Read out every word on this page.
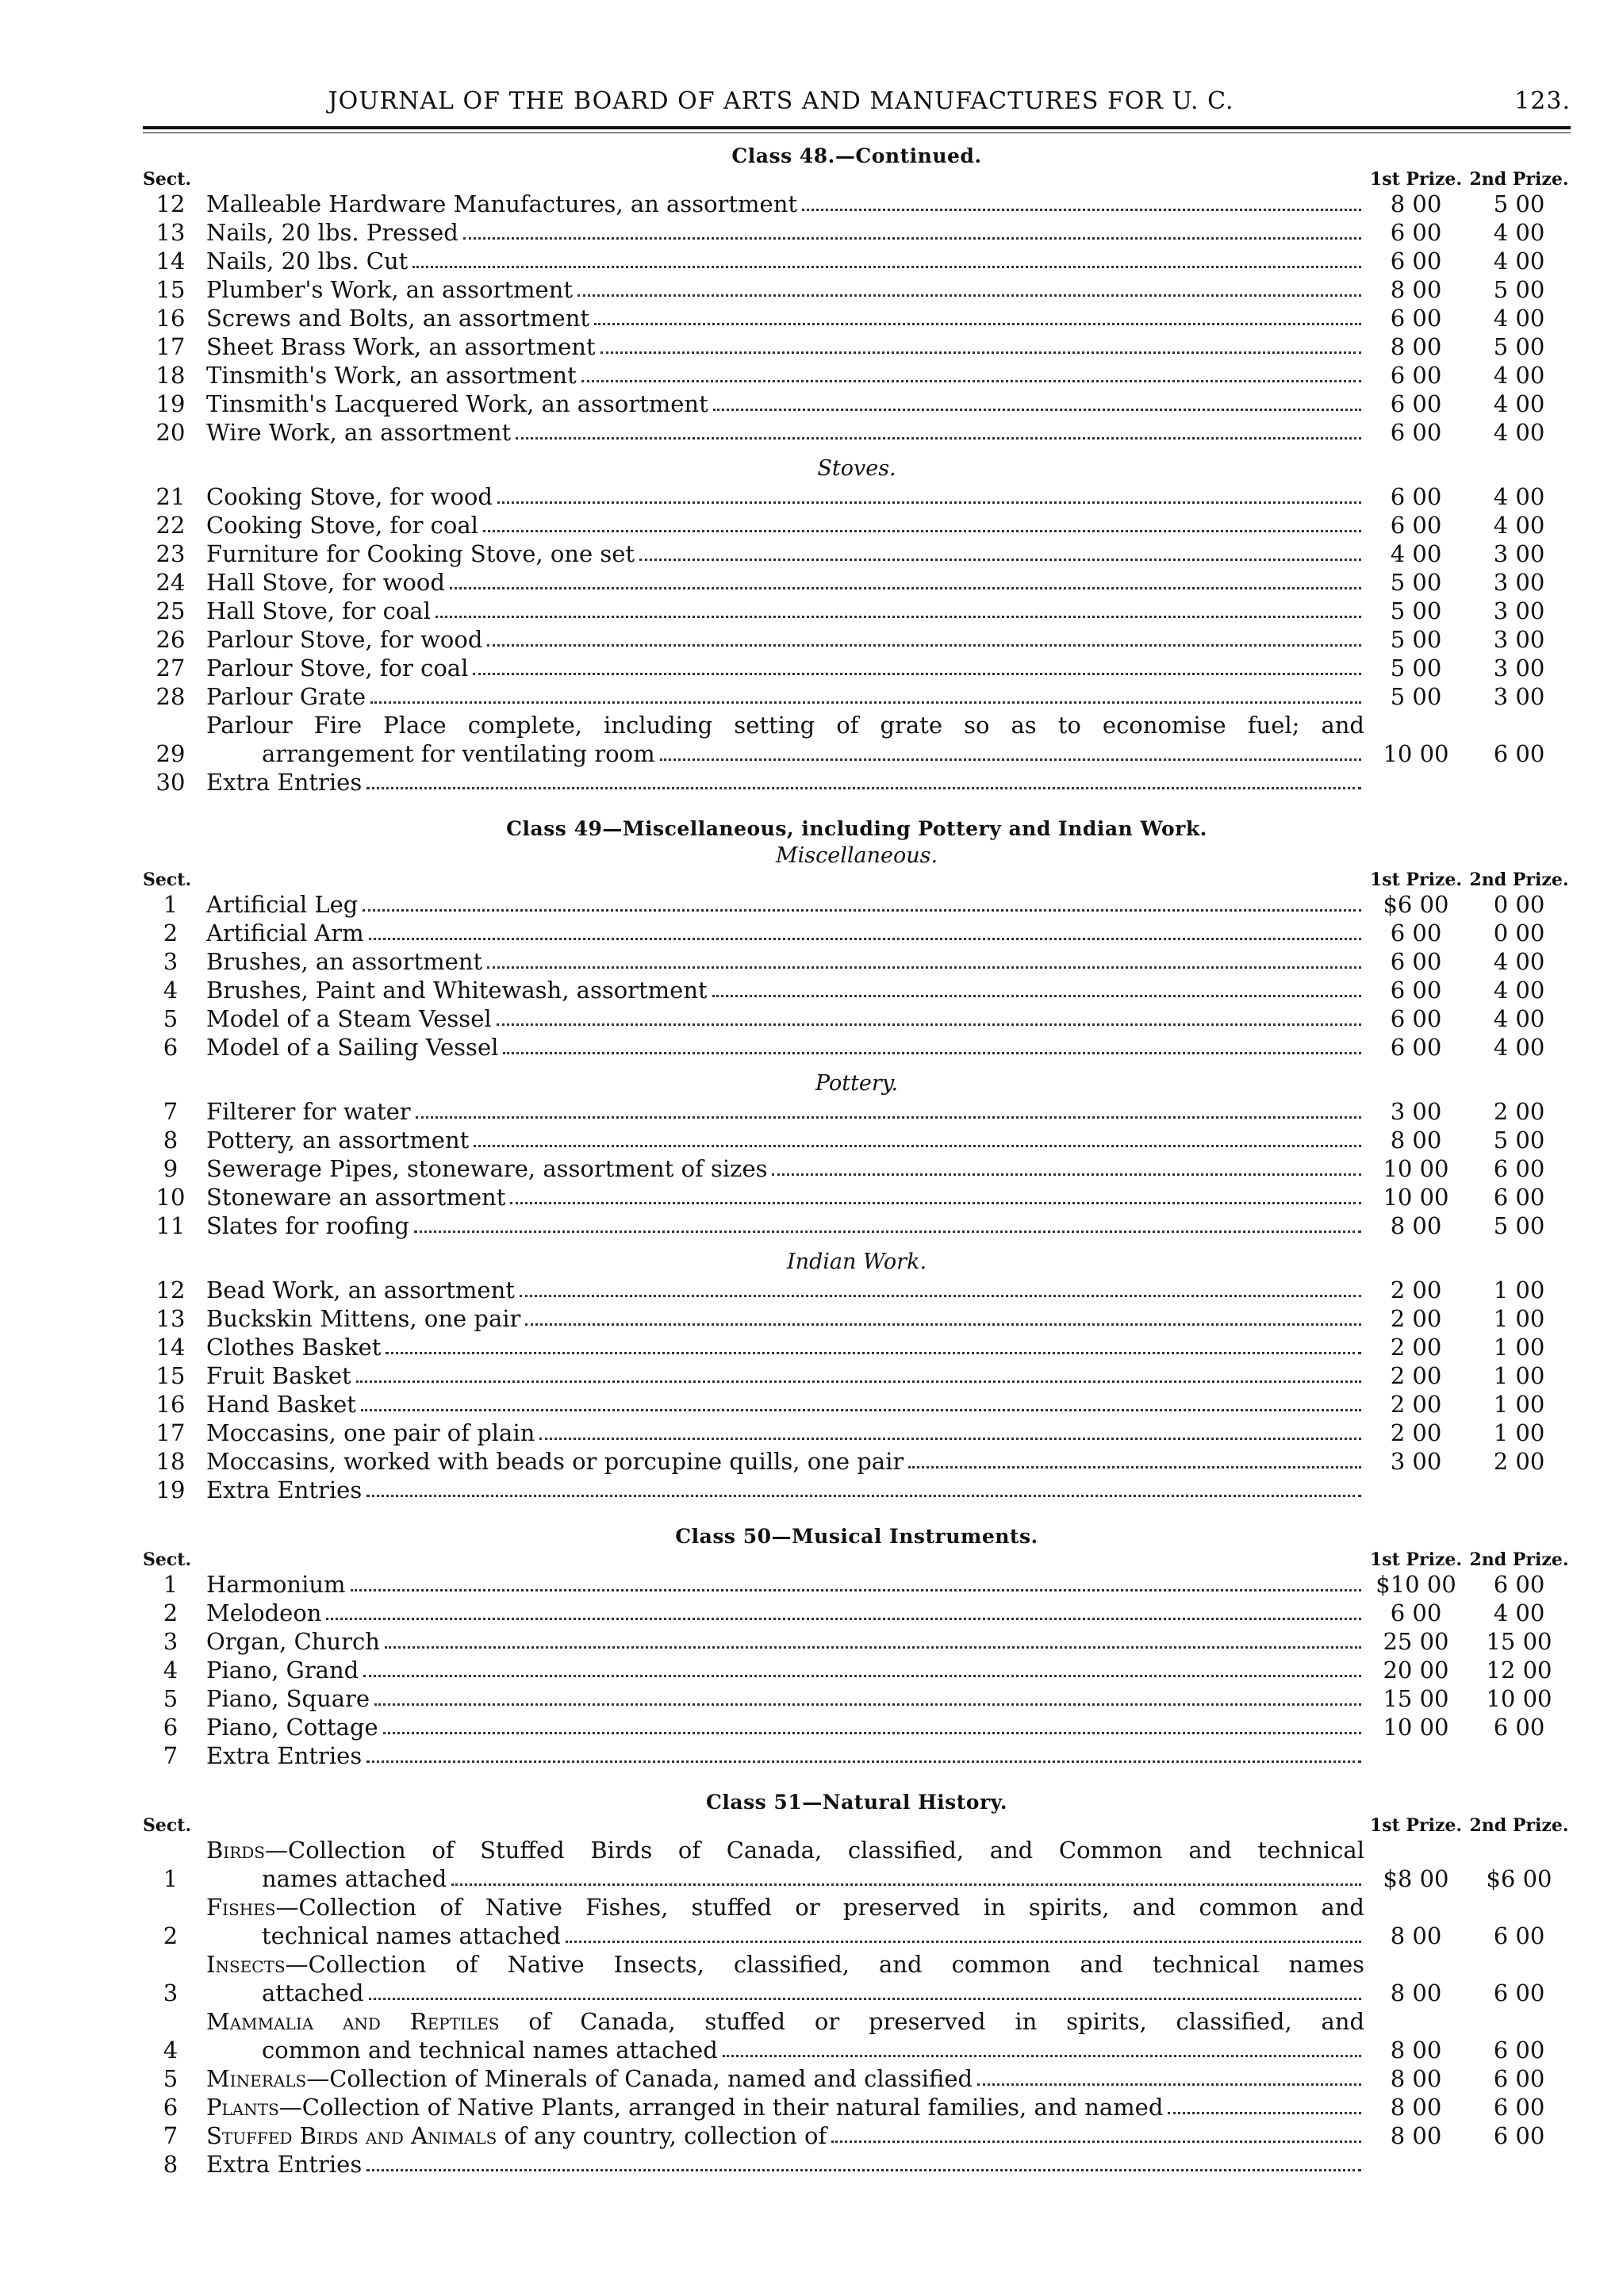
JOURNAL OF THE BOARD OF ARTS AND MANUFACTURES FOR U. C.	123.
Class 48.—Continued.
Sect.	1st Prize. 2nd Prize.
12 Malleable Hardware Manufactures, an assortment	8 00	5 00
13 Nails, 20 lbs. Pressed	6 00	4 00
14 Nails, 20 lbs. Cut	6 00	4 00
15 Plumber's Work, an assortment	8 00	5 00
16 Screws and Bolts, an assortment	6 00	4 00
17 Sheet Brass Work, an assortment	8 00	5 00
18 Tinsmith's Work, an assortment	6 00	4 00
19 Tinsmith's Lacquered Work, an assortment	6 00	4 00
20 Wire Work, an assortment	6 00	4 00
Stoves.
21 Cooking Stove, for wood	6 00	4 00
22 Cooking Stove, for coal	6 00	4 00
23 Furniture for Cooking Stove, one set	4 00	3 00
24 Hall Stove, for wood	5 00	3 00
25 Hall Stove, for coal	5 00	3 00
26 Parlour Stove, for wood	5 00	3 00
27 Parlour Stove, for coal	5 00	3 00
28 Parlour Grate	5 00	3 00
29
Parlour Fire Place complete, including setting of grate so as to economise fuel; and
arrangement for ventilating room	10 00	6 00
30 Extra Entries
Class 49—Miscellaneous, including Pottery and Indian Work.
Miscellaneous.
Sect.	1st Prize. 2nd Prize.
1	Artificial Leg	$6 00	0 00
2	Artificial Arm	6 00	0 00
3	Brushes, an assortment	6 00	4 00
4	Brushes, Paint and Whitewash, assortment	6 00	4 00
5	Model of a Steam Vessel	6 00	4 00
6	Model of a Sailing Vessel	6 00	4 00
Pottery.
7	Filterer for water	3 00	2 00
8	Pottery, an assortment	8 00	5 00
9	Sewerage Pipes, stoneware, assortment of sizes	10 00	6 00
10 Stoneware an assortment	10 00	6 00
11 Slates for roofing	8 00	5 00
Indian Work.
12 Bead Work, an assortment	2 00	1 00
13 Buckskin Mittens, one pair	2 00	1 00
14 Clothes Basket	2 00	1 00
15 Fruit Basket	2 00	1 00
16 Hand Basket	2 00	1 00
17 Moccasins, one pair of plain	2 00	1 00
18 Moccasins, worked with beads or porcupine quills, one pair	3 00	2 00
19 Extra Entries
Class 50—Musical Instruments.
Sect.	1st Prize. 2nd Prize.
1	Harmonium	$10 00	6 00
2	Melodeon	6 00	4 00
3	Organ, Church	25 00	15 00
4	Piano, Grand	20 00	12 00
5	Piano, Square	15 00	10 00
6	Piano, Cottage	10 00	6 00
7	Extra Entries
Class 51—Natural History.
Sect.	1st Prize. 2nd Prize.
1
Birds—Collection of Stuffed Birds of Canada, classified, and Common and technical
names attached	$8 00	$6 00
2
Fishes—Collection of Native Fishes, stuffed or preserved in spirits, and common and
technical names attached	8 00	6 00
3
Insects—Collection of Native Insects, classified, and common and technical names
attached	8 00	6 00
4
Mammalia and Reptiles of Canada, stuffed or preserved in spirits, classified, and
common and technical names attached	8 00	6 00
5	Minerals—Collection of Minerals of Canada, named and classified	8 00	6 00
6	Plants—Collection of Native Plants, arranged in their natural families, and named	8 00	6 00
7	Stuffed Birds and Animals of any country, collection of	8 00	6 00
8	Extra Entries
